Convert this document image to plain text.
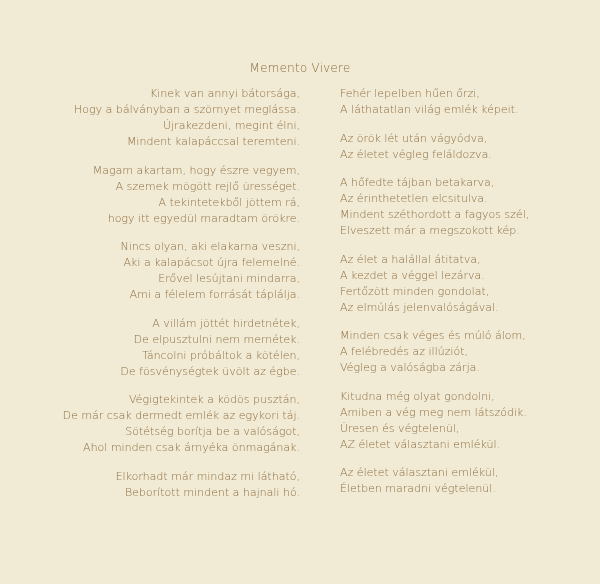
Memento Vivere
Kinek van annyi bátorsága,
Hogy a bálványban a szörnyet meglássa.
Újrakezdeni, megint élni,
Mindent kalapáccsal teremteni.
Magam akartam, hogy észre vegyem,
A szemek mögött rejlő ürességet.
A tekintetekből jöttem rá,
hogy itt egyedül maradtam örökre.
Nincs olyan, aki elakarna veszni,
Aki a kalapácsot újra felemelné.
Erővel lesújtani mindarra,
Ami a félelem forrását táplálja.
A villám jöttét hirdetnétek,
De elpusztulni nem mernétek.
Táncolni próbáltok a kötélen,
De fösvénységtek üvölt az égbe.
Végigtekintek a ködös pusztán,
De már csak dermedt emlék az egykori táj.
Sötétség borítja be a valóságot,
Ahol minden csak árnyéka önmagának.
Elkorhadt már mindaz mi látható,
Beborított mindent a hajnali hó.
Fehér lepelben hűen őrzi,
A láthatatlan világ emlék képeit.
Az örök lét után vágyódva,
Az életet végleg feláldozva.
A hőfedte tájban betakarva,
Az érinthetetlen elcsitulva.
Mindent széthordott a fagyos szél,
Elveszett már a megszokott kép.
Az élet a halállal átitatva,
A kezdet a véggel lezárva.
Fertőzött minden gondolat,
Az elmúlás jelenvalóságával.
Minden csak véges és múló álom,
A felébredés az illúziót,
Végleg a valóságba zárja.
Kitudna még olyat gondolni,
Amiben a vég meg nem látszódik.
Üresen és végtelenül,
AZ életet választani emlékül.
Az életet választani emlékül,
Életben maradni végtelenül.
